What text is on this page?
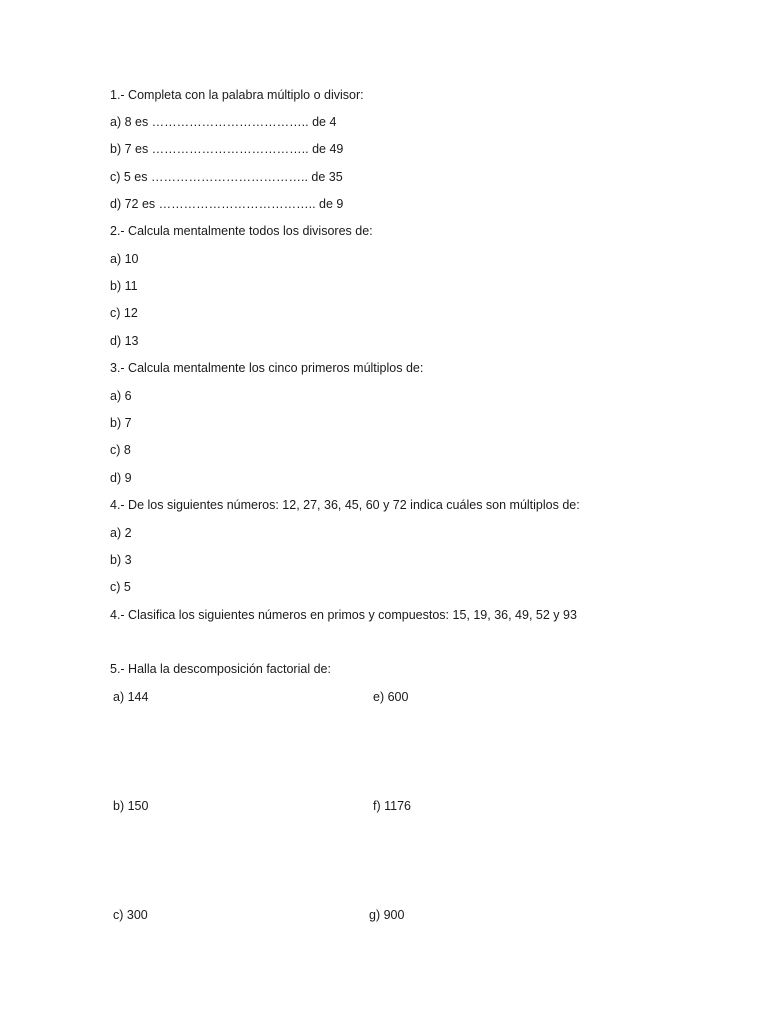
1.- Completa con la palabra múltiplo o divisor:
a) 8 es ……………………………….. de 4
b) 7 es ……………………………….. de 49
c) 5 es ……………………………….. de 35
d) 72 es ……………………………….. de 9
2.- Calcula mentalmente todos los divisores de:
a) 10
b) 11
c) 12
d) 13
3.- Calcula mentalmente los cinco primeros múltiplos de:
a) 6
b) 7
c) 8
d) 9
4.- De los siguientes números: 12, 27, 36, 45, 60 y 72 indica cuáles son múltiplos de:
a) 2
b) 3
c) 5
4.- Clasifica los siguientes números en primos y compuestos: 15, 19, 36, 49, 52 y 93
5.- Halla la descomposición factorial de:
a) 144	e) 600
b) 150	f) 1176
c) 300	g) 900
